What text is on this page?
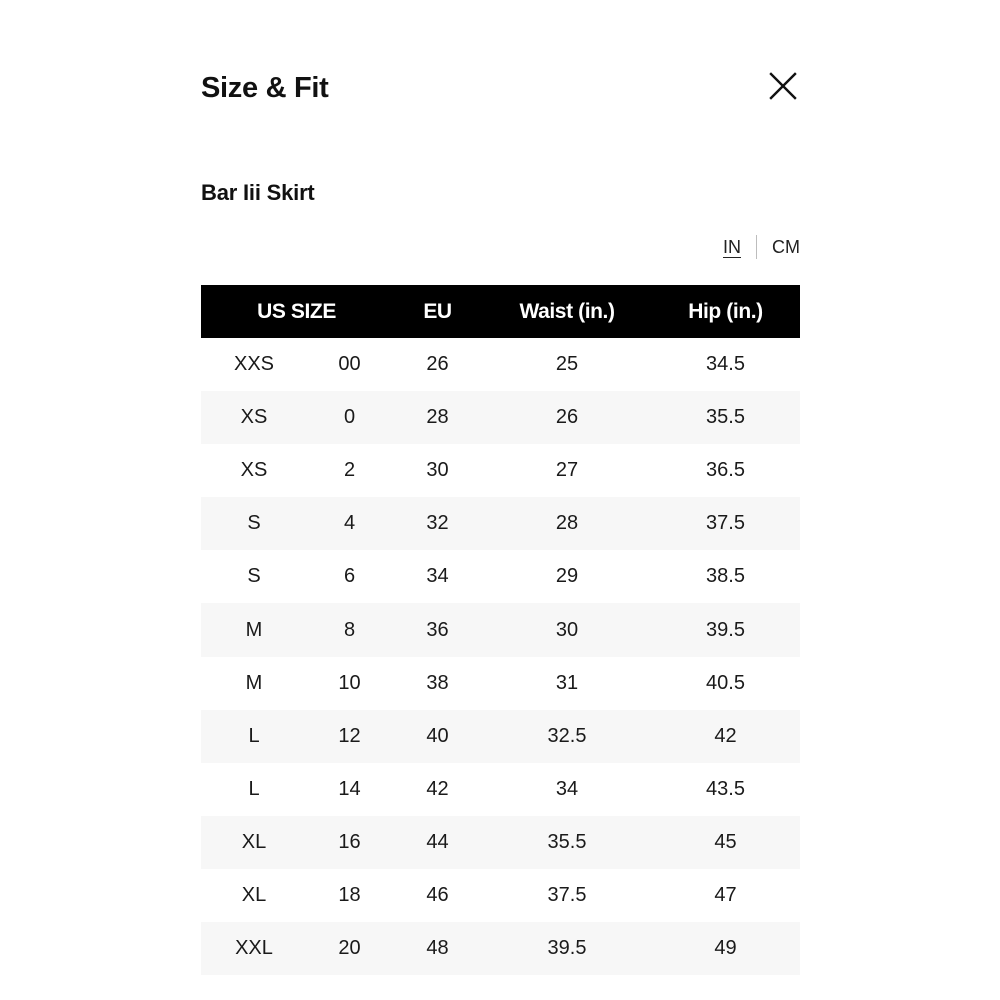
Size & Fit
Bar Iii Skirt
IN CM
US SIZE		EU	Waist (in.)	Hip (in.)
XXS	00	26	25	34.5
XS	0	28	26	35.5
XS	2	30	27	36.5
S	4	32	28	37.5
S	6	34	29	38.5
M	8	36	30	39.5
M	10	38	31	40.5
L	12	40	32.5	42
L	14	42	34	43.5
XL	16	44	35.5	45
XL	18	46	37.5	47
XXL	20	48	39.5	49
